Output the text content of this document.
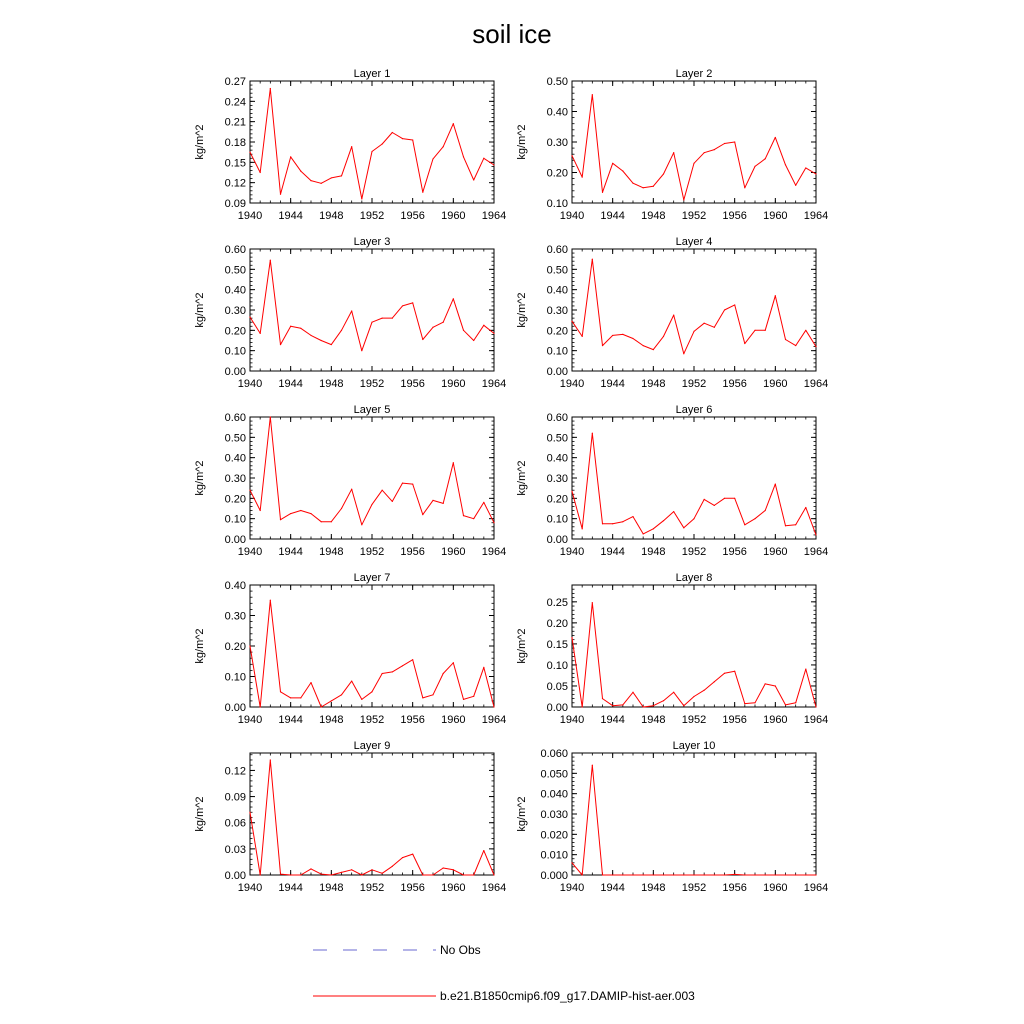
soil ice
Layer 1
kg/m^2
1940 1944 1948 1952 1956 1960 1964
0.09
0.12
0.15
0.18
0.21
0.24
0.27
Layer 2
kg/m^2
1940 1944 1948 1952 1956 1960 1964
0.10
0.20
0.30
0.40
0.50
Layer 3
kg/m^2
1940 1944 1948 1952 1956 1960 1964
0.00
0.10
0.20
0.30
0.40
0.50
0.60
Layer 4
kg/m^2
1940 1944 1948 1952 1956 1960 1964
0.00
0.10
0.20
0.30
0.40
0.50
0.60
Layer 5
kg/m^2
1940 1944 1948 1952 1956 1960 1964
0.00
0.10
0.20
0.30
0.40
0.50
0.60
Layer 6
kg/m^2
1940 1944 1948 1952 1956 1960 1964
0.00
0.10
0.20
0.30
0.40
0.50
0.60
Layer 7
kg/m^2
1940 1944 1948 1952 1956 1960 1964
0.00
0.10
0.20
0.30
0.40
Layer 8
kg/m^2
1940 1944 1948 1952 1956 1960 1964
0.00
0.05
0.10
0.15
0.20
0.25
Layer 9
kg/m^2
1940 1944 1948 1952 1956 1960 1964
0.00
0.03
0.06
0.09
0.12
Layer 10
kg/m^2
1940 1944 1948 1952 1956 1960 1964
0.000
0.010
0.020
0.030
0.040
0.050
0.060
No Obs
b.e21.B1850cmip6.f09_g17.DAMIP-hist-aer.003
